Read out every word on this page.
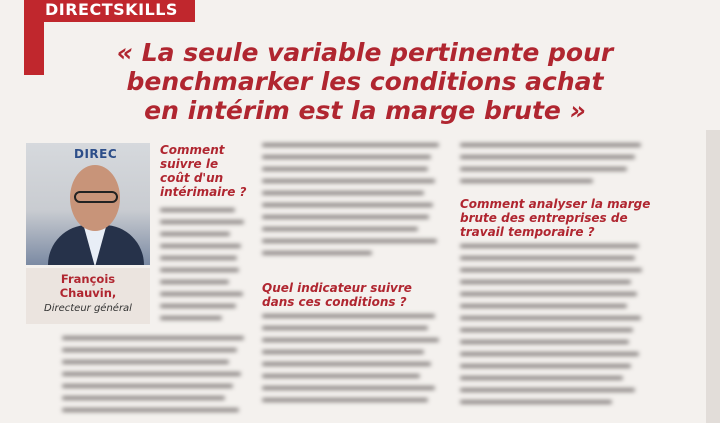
DIRECTSKILLS
« La seule variable pertinente pour
benchmarker les conditions achat
en intérim est la marge brute »
DIREC
François
Chauvin,
Directeur général
Comment
suivre le
coût d'un
intérimaire ?
Quel indicateur suivre
dans ces conditions ?
Comment analyser la marge
brute des entreprises de
travail temporaire ?
